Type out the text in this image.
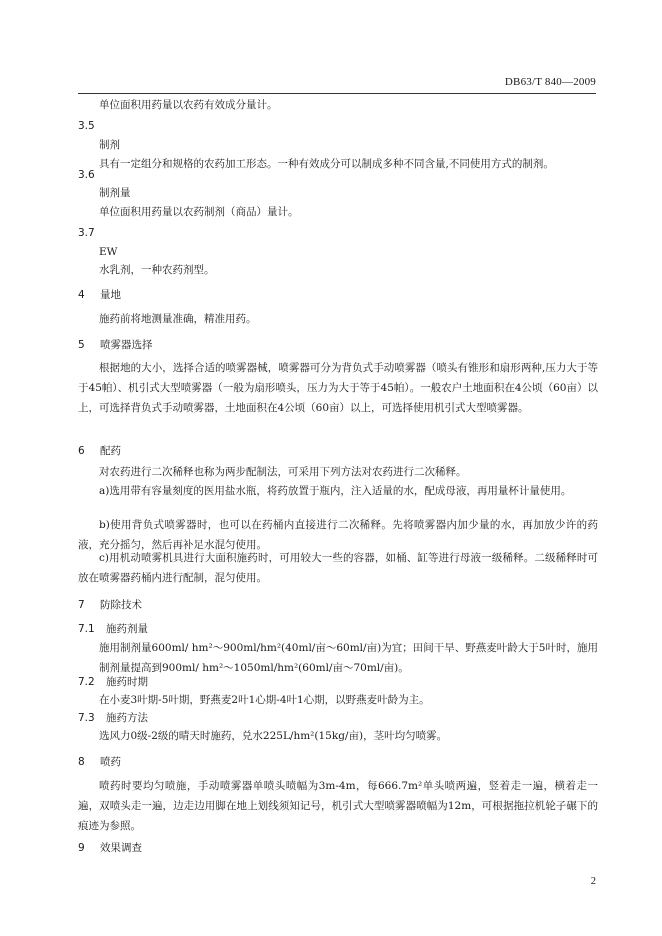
DB63/T 840—2009
单位面积用药量以农药有效成分量计。
3.5
制剂
具有一定组分和规格的农药加工形态。一种有效成分可以制成多种不同含量,不同使用方式的制剂。
3.6
制剂量
单位面积用药量以农药制剂（商品）量计。
3.7
EW
水乳剂，一种农药剂型。
4 量地
施药前将地测量准确，精准用药。
5 喷雾器选择
根据地的大小，选择合适的喷雾器械，喷雾器可分为背负式手动喷雾器（喷头有锥形和扇形两种,压力大于等于45帕）、机引式大型喷雾器（一般为扇形喷头，压力为大于等于45帕）。一般农户土地面积在4公顷（60亩）以上，可选择背负式手动喷雾器，土地面积在4公顷（60亩）以上，可选择使用机引式大型喷雾器。
6 配药
对农药进行二次稀释也称为两步配制法，可采用下列方法对农药进行二次稀释。
a)选用带有容量刻度的医用盐水瓶，将药放置于瓶内，注入适量的水，配成母液，再用量杯计量使用。
b)使用背负式喷雾器时，也可以在药桶内直接进行二次稀释。先将喷雾器内加少量的水，再加放少许的药液，充分摇匀，然后再补足水混匀使用。
c)用机动喷雾机具进行大面积施药时，可用较大一些的容器，如桶、缸等进行母液一级稀释。二级稀释时可放在喷雾器药桶内进行配制，混匀使用。
7 防除技术
7.1 施药剂量
施用制剂量600ml/ hm²～900ml/hm²(40ml/亩～60ml/亩)为宜；田间干旱、野燕麦叶龄大于5叶时，施用制剂量提高到900ml/ hm²～1050ml/hm²(60ml/亩～70ml/亩)。
7.2 施药时期
在小麦3叶期-5叶期，野燕麦2叶1心期-4叶1心期，以野燕麦叶龄为主。
7.3 施药方法
选风力0级-2级的晴天时施药，兑水225L/hm²(15kg/亩)，茎叶均匀喷雾。
8 喷药
喷药时要均匀喷施，手动喷雾器单喷头喷幅为3m-4m，每666.7m²单头喷两遍，竖着走一遍，横着走一遍，双喷头走一遍，边走边用脚在地上划线须知记号，机引式大型喷雾器喷幅为12m，可根据拖拉机轮子碾下的痕迹为参照。
9 效果调查
2
